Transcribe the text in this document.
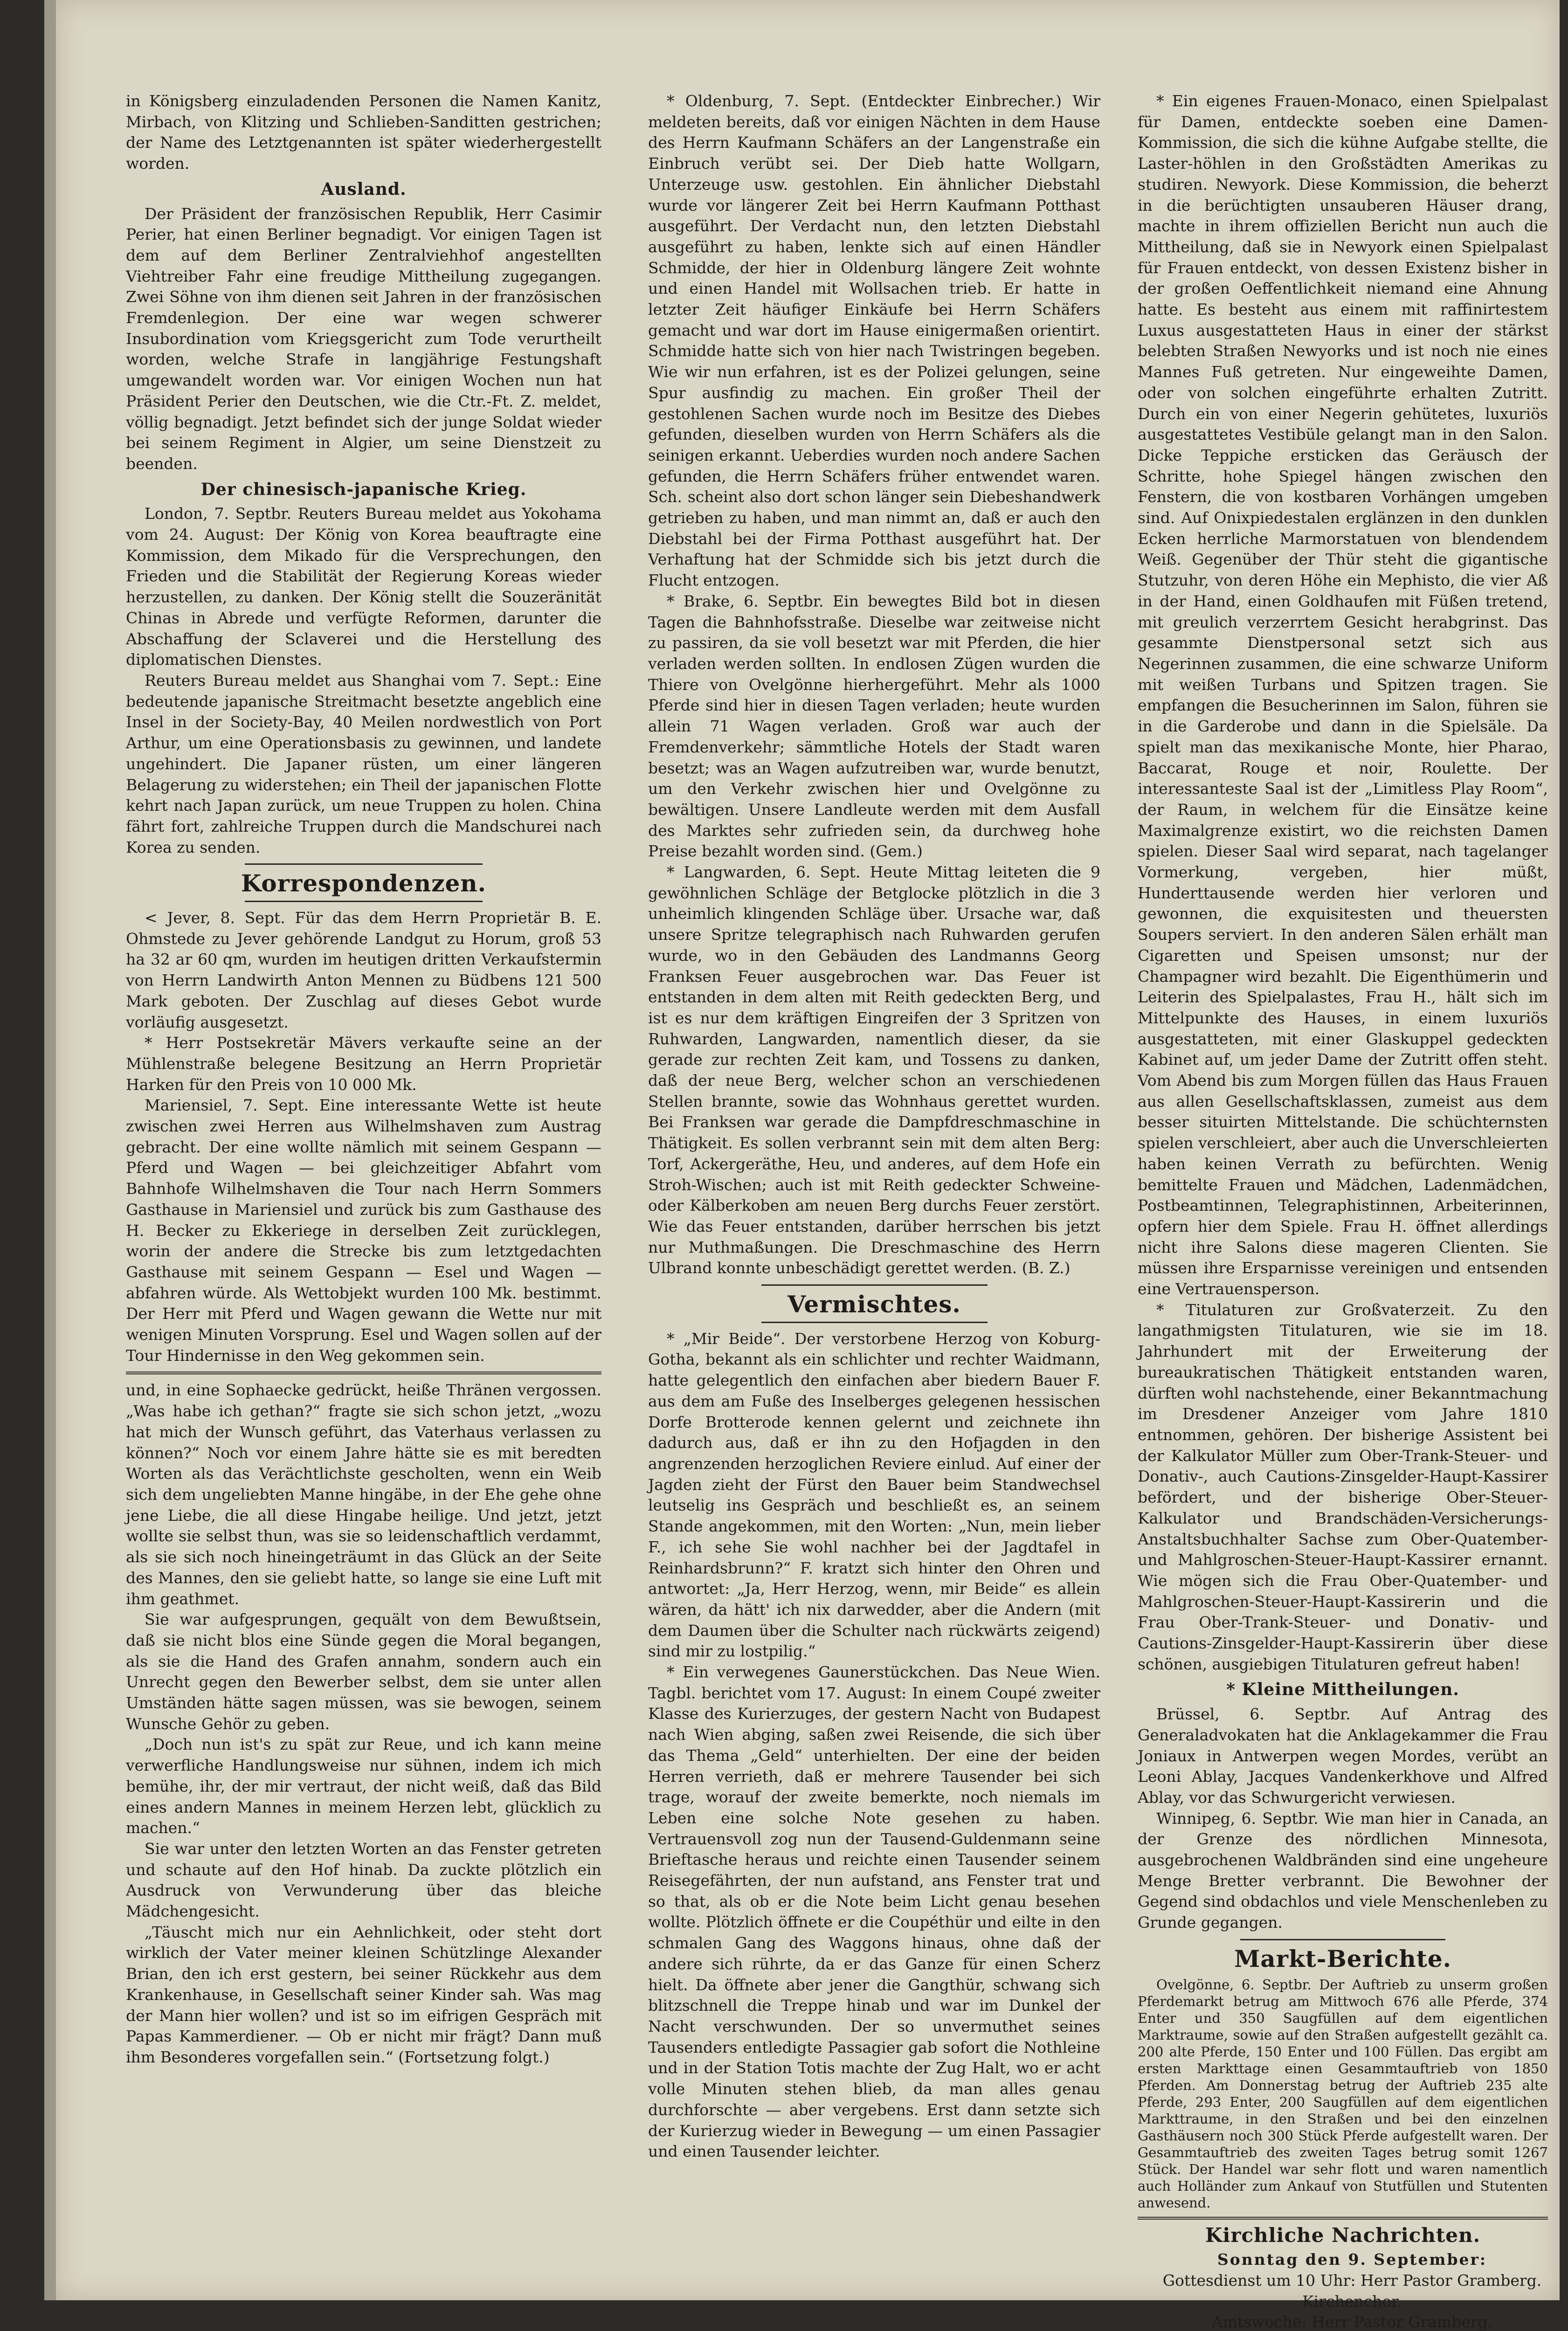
in Königsberg einzuladenden Personen die Namen Kanitz, Mirbach, von Klitzing und Schlieben-Sanditten gestrichen; der Name des Letztgenannten ist später wiederhergestellt worden.

Ausland.

Der Präsident der französischen Republik, Herr Casimir Perier, hat einen Berliner begnadigt. Vor einigen Tagen ist dem auf dem Berliner Zentralviehhof angestellten Viehtreiber Fahr eine freudige Mittheilung zugegangen. Zwei Söhne von ihm dienen seit Jahren in der französischen Fremdenlegion. Der eine war wegen schwerer Insubordination vom Kriegsgericht zum Tode verurtheilt worden, welche Strafe in langjährige Festungshaft umgewandelt worden war. Vor einigen Wochen nun hat Präsident Perier den Deutschen, wie die Ctr.-Ft. Z. meldet, völlig begnadigt. Jetzt befindet sich der junge Soldat wieder bei seinem Regiment in Algier, um seine Dienstzeit zu beenden.

Der chinesisch-japanische Krieg.

London, 7. Septbr. Reuters Bureau meldet aus Yokohama vom 24. August: Der König von Korea beauftragte eine Kommission, dem Mikado für die Versprechungen, den Frieden und die Stabilität der Regierung Koreas wieder herzustellen, zu danken. Der König stellt die Souzeränität Chinas in Abrede und verfügte Reformen, darunter die Abschaffung der Sclaverei und die Herstellung des diplomatischen Dienstes.

Reuters Bureau meldet aus Shanghai vom 7. Sept.: Eine bedeutende japanische Streitmacht besetzte angeblich eine Insel in der Society-Bay, 40 Meilen nordwestlich von Port Arthur, um eine Operationsbasis zu gewinnen, und landete ungehindert. Die Japaner rüsten, um einer längeren Belagerung zu widerstehen; ein Theil der japanischen Flotte kehrt nach Japan zurück, um neue Truppen zu holen. China fährt fort, zahlreiche Truppen durch die Mandschurei nach Korea zu senden.

Korrespondenzen.

< Jever, 8. Sept. Für das dem Herrn Proprietär B. E. Ohmstede zu Jever gehörende Landgut zu Horum, groß 53 ha 32 ar 60 qm, wurden im heutigen dritten Verkaufstermin von Herrn Landwirth Anton Mennen zu Büdbens 121 500 Mark geboten. Der Zuschlag auf dieses Gebot wurde vorläufig ausgesetzt.

* Herr Postsekretär Mävers verkaufte seine an der Mühlenstraße belegene Besitzung an Herrn Proprietär Harken für den Preis von 10 000 Mk.

Mariensiel, 7. Sept. Eine interessante Wette ist heute zwischen zwei Herren aus Wilhelmshaven zum Austrag gebracht. Der eine wollte nämlich mit seinem Gespann — Pferd und Wagen — bei gleichzeitiger Abfahrt vom Bahnhofe Wilhelmshaven die Tour nach Herrn Sommers Gasthause in Mariensiel und zurück bis zum Gasthause des H. Becker zu Ekkeriege in derselben Zeit zurücklegen, worin der andere die Strecke bis zum letztgedachten Gasthause mit seinem Gespann — Esel und Wagen — abfahren würde. Als Wettobjekt wurden 100 Mk. bestimmt. Der Herr mit Pferd und Wagen gewann die Wette nur mit wenigen Minuten Vorsprung. Esel und Wagen sollen auf der Tour Hindernisse in den Weg gekommen sein.

und, in eine Sophaecke gedrückt, heiße Thränen vergossen. „Was habe ich gethan?“ fragte sie sich schon jetzt, „wozu hat mich der Wunsch geführt, das Vaterhaus verlassen zu können?“ Noch vor einem Jahre hätte sie es mit beredten Worten als das Verächtlichste gescholten, wenn ein Weib sich dem ungeliebten Manne hingäbe, in der Ehe gehe ohne jene Liebe, die all diese Hingabe heilige. Und jetzt, jetzt wollte sie selbst thun, was sie so leidenschaftlich verdammt, als sie sich noch hineingeträumt in das Glück an der Seite des Mannes, den sie geliebt hatte, so lange sie eine Luft mit ihm geathmet.

Sie war aufgesprungen, gequält von dem Bewußtsein, daß sie nicht blos eine Sünde gegen die Moral begangen, als sie die Hand des Grafen annahm, sondern auch ein Unrecht gegen den Bewerber selbst, dem sie unter allen Umständen hätte sagen müssen, was sie bewogen, seinem Wunsche Gehör zu geben.

„Doch nun ist's zu spät zur Reue, und ich kann meine verwerfliche Handlungsweise nur sühnen, indem ich mich bemühe, ihr, der mir vertraut, der nicht weiß, daß das Bild eines andern Mannes in meinem Herzen lebt, glücklich zu machen.“

Sie war unter den letzten Worten an das Fenster getreten und schaute auf den Hof hinab. Da zuckte plötzlich ein Ausdruck von Verwunderung über das bleiche Mädchengesicht.

„Täuscht mich nur ein Aehnlichkeit, oder steht dort wirklich der Vater meiner kleinen Schützlinge Alexander Brian, den ich erst gestern, bei seiner Rückkehr aus dem Krankenhause, in Gesellschaft seiner Kinder sah. Was mag der Mann hier wollen? und ist so im eifrigen Gespräch mit Papas Kammerdiener. — Ob er nicht mir frägt? Dann muß ihm Besonderes vorgefallen sein.“ (Fortsetzung folgt.)

* Oldenburg, 7. Sept. (Entdeckter Einbrecher.) Wir meldeten bereits, daß vor einigen Nächten in dem Hause des Herrn Kaufmann Schäfers an der Langenstraße ein Einbruch verübt sei. Der Dieb hatte Wollgarn, Unterzeuge usw. gestohlen. Ein ähnlicher Diebstahl wurde vor längerer Zeit bei Herrn Kaufmann Potthast ausgeführt. Der Verdacht nun, den letzten Diebstahl ausgeführt zu haben, lenkte sich auf einen Händler Schmidde, der hier in Oldenburg längere Zeit wohnte und einen Handel mit Wollsachen trieb. Er hatte in letzter Zeit häufiger Einkäufe bei Herrn Schäfers gemacht und war dort im Hause einigermaßen orientirt. Schmidde hatte sich von hier nach Twistringen begeben. Wie wir nun erfahren, ist es der Polizei gelungen, seine Spur ausfindig zu machen. Ein großer Theil der gestohlenen Sachen wurde noch im Besitze des Diebes gefunden, dieselben wurden von Herrn Schäfers als die seinigen erkannt. Ueberdies wurden noch andere Sachen gefunden, die Herrn Schäfers früher entwendet waren. Sch. scheint also dort schon länger sein Diebeshandwerk getrieben zu haben, und man nimmt an, daß er auch den Diebstahl bei der Firma Potthast ausgeführt hat. Der Verhaftung hat der Schmidde sich bis jetzt durch die Flucht entzogen.

* Brake, 6. Septbr. Ein bewegtes Bild bot in diesen Tagen die Bahnhofsstraße. Dieselbe war zeitweise nicht zu passiren, da sie voll besetzt war mit Pferden, die hier verladen werden sollten. In endlosen Zügen wurden die Thiere von Ovelgönne hierhergeführt. Mehr als 1000 Pferde sind hier in diesen Tagen verladen; heute wurden allein 71 Wagen verladen. Groß war auch der Fremdenverkehr; sämmtliche Hotels der Stadt waren besetzt; was an Wagen aufzutreiben war, wurde benutzt, um den Verkehr zwischen hier und Ovelgönne zu bewältigen. Unsere Landleute werden mit dem Ausfall des Marktes sehr zufrieden sein, da durchweg hohe Preise bezahlt worden sind. (Gem.)

* Langwarden, 6. Sept. Heute Mittag leiteten die 9 gewöhnlichen Schläge der Betglocke plötzlich in die 3 unheimlich klingenden Schläge über. Ursache war, daß unsere Spritze telegraphisch nach Ruhwarden gerufen wurde, wo in den Gebäuden des Landmanns Georg Franksen Feuer ausgebrochen war. Das Feuer ist entstanden in dem alten mit Reith gedeckten Berg, und ist es nur dem kräftigen Eingreifen der 3 Spritzen von Ruhwarden, Langwarden, namentlich dieser, da sie gerade zur rechten Zeit kam, und Tossens zu danken, daß der neue Berg, welcher schon an verschiedenen Stellen brannte, sowie das Wohnhaus gerettet wurden. Bei Franksen war gerade die Dampfdreschmaschine in Thätigkeit. Es sollen verbrannt sein mit dem alten Berg: Torf, Ackergeräthe, Heu, und anderes, auf dem Hofe ein Stroh-Wischen; auch ist mit Reith gedeckter Schweine- oder Kälberkoben am neuen Berg durchs Feuer zerstört. Wie das Feuer entstanden, darüber herrschen bis jetzt nur Muthmaßungen. Die Dreschmaschine des Herrn Ulbrand konnte unbeschädigt gerettet werden. (B. Z.)

Vermischtes.

* „Mir Beide“. Der verstorbene Herzog von Koburg-Gotha, bekannt als ein schlichter und rechter Waidmann, hatte gelegentlich den einfachen aber biedern Bauer F. aus dem am Fuße des Inselberges gelegenen hessischen Dorfe Brotterode kennen gelernt und zeichnete ihn dadurch aus, daß er ihn zu den Hofjagden in den angrenzenden herzoglichen Reviere einlud. Auf einer der Jagden zieht der Fürst den Bauer beim Standwechsel leutselig ins Gespräch und beschließt es, an seinem Stande angekommen, mit den Worten: „Nun, mein lieber F., ich sehe Sie wohl nachher bei der Jagdtafel in Reinhardsbrunn?“ F. kratzt sich hinter den Ohren und antwortet: „Ja, Herr Herzog, wenn, mir Beide“ es allein wären, da hätt' ich nix darwedder, aber die Andern (mit dem Daumen über die Schulter nach rückwärts zeigend) sind mir zu lostpilig.“

* Ein verwegenes Gaunerstückchen. Das Neue Wien. Tagbl. berichtet vom 17. August: In einem Coupé zweiter Klasse des Kurierzuges, der gestern Nacht von Budapest nach Wien abging, saßen zwei Reisende, die sich über das Thema „Geld“ unterhielten. Der eine der beiden Herren verrieth, daß er mehrere Tausender bei sich trage, worauf der zweite bemerkte, noch niemals im Leben eine solche Note gesehen zu haben. Vertrauensvoll zog nun der Tausend-Guldenmann seine Brieftasche heraus und reichte einen Tausender seinem Reisegefährten, der nun aufstand, ans Fenster trat und so that, als ob er die Note beim Licht genau besehen wollte. Plötzlich öffnete er die Coupéthür und eilte in den schmalen Gang des Waggons hinaus, ohne daß der andere sich rührte, da er das Ganze für einen Scherz hielt. Da öffnete aber jener die Gangthür, schwang sich blitzschnell die Treppe hinab und war im Dunkel der Nacht verschwunden. Der so unvermuthet seines Tausenders entledigte Passagier gab sofort die Nothleine und in der Station Totis machte der Zug Halt, wo er acht volle Minuten stehen blieb, da man alles genau durchforschte — aber vergebens. Erst dann setzte sich der Kurierzug wieder in Bewegung — um einen Passagier und einen Tausender leichter.

* Ein eigenes Frauen-Monaco, einen Spielpalast für Damen, entdeckte soeben eine Damen-Kommission, die sich die kühne Aufgabe stellte, die Laster-höhlen in den Großstädten Amerikas zu studiren. Newyork. Diese Kommission, die beherzt in die berüchtigten unsauberen Häuser drang, machte in ihrem offiziellen Bericht nun auch die Mittheilung, daß sie in Newyork einen Spielpalast für Frauen entdeckt, von dessen Existenz bisher in der großen Oeffentlichkeit niemand eine Ahnung hatte. Es besteht aus einem mit raffinirtestem Luxus ausgestatteten Haus in einer der stärkst belebten Straßen Newyorks und ist noch nie eines Mannes Fuß getreten. Nur eingeweihte Damen, oder von solchen eingeführte erhalten Zutritt. Durch ein von einer Negerin gehütetes, luxuriös ausgestattetes Vestibüle gelangt man in den Salon. Dicke Teppiche ersticken das Geräusch der Schritte, hohe Spiegel hängen zwischen den Fenstern, die von kostbaren Vorhängen umgeben sind. Auf Onixpiedestalen erglänzen in den dunklen Ecken herrliche Marmorstatuen von blendendem Weiß. Gegenüber der Thür steht die gigantische Stutzuhr, von deren Höhe ein Mephisto, die vier Aß in der Hand, einen Goldhaufen mit Füßen tretend, mit greulich verzerrtem Gesicht herabgrinst. Das gesammte Dienstpersonal setzt sich aus Negerinnen zusammen, die eine schwarze Uniform mit weißen Turbans und Spitzen tragen. Sie empfangen die Besucherinnen im Salon, führen sie in die Garderobe und dann in die Spielsäle. Da spielt man das mexikanische Monte, hier Pharao, Baccarat, Rouge et noir, Roulette. Der interessanteste Saal ist der „Limitless Play Room“, der Raum, in welchem für die Einsätze keine Maximalgrenze existirt, wo die reichsten Damen spielen. Dieser Saal wird separat, nach tagelanger Vormerkung, vergeben, hier müßt, Hunderttausende werden hier verloren und gewonnen, die exquisitesten und theuersten Soupers serviert. In den anderen Sälen erhält man Cigaretten und Speisen umsonst; nur der Champagner wird bezahlt. Die Eigenthümerin und Leiterin des Spielpalastes, Frau H., hält sich im Mittelpunkte des Hauses, in einem luxuriös ausgestatteten, mit einer Glaskuppel gedeckten Kabinet auf, um jeder Dame der Zutritt offen steht. Vom Abend bis zum Morgen füllen das Haus Frauen aus allen Gesellschaftsklassen, zumeist aus dem besser situirten Mittelstande. Die schüchternsten spielen verschleiert, aber auch die Unverschleierten haben keinen Verrath zu befürchten. Wenig bemittelte Frauen und Mädchen, Ladenmädchen, Postbeamtinnen, Telegraphistinnen, Arbeiterinnen, opfern hier dem Spiele. Frau H. öffnet allerdings nicht ihre Salons diese mageren Clienten. Sie müssen ihre Ersparnisse vereinigen und entsenden eine Vertrauensperson.

* Titulaturen zur Großvaterzeit. Zu den langathmigsten Titulaturen, wie sie im 18. Jahrhundert mit der Erweiterung der bureaukratischen Thätigkeit entstanden waren, dürften wohl nachstehende, einer Bekanntmachung im Dresdener Anzeiger vom Jahre 1810 entnommen, gehören. Der bisherige Assistent bei der Kalkulator Müller zum Ober-Trank-Steuer- und Donativ-, auch Cautions-Zinsgelder-Haupt-Kassirer befördert, und der bisherige Ober-Steuer-Kalkulator und Brandschäden-Versicherungs-Anstaltsbuchhalter Sachse zum Ober-Quatember- und Mahlgroschen-Steuer-Haupt-Kassirer ernannt. Wie mögen sich die Frau Ober-Quatember- und Mahlgroschen-Steuer-Haupt-Kassirerin und die Frau Ober-Trank-Steuer- und Donativ- und Cautions-Zinsgelder-Haupt-Kassirerin über diese schönen, ausgiebigen Titulaturen gefreut haben!

* Kleine Mittheilungen.

Brüssel, 6. Septbr. Auf Antrag des Generaladvokaten hat die Anklagekammer die Frau Joniaux in Antwerpen wegen Mordes, verübt an Leoni Ablay, Jacques Vandenkerkhove und Alfred Ablay, vor das Schwurgericht verwiesen.

Winnipeg, 6. Septbr. Wie man hier in Canada, an der Grenze des nördlichen Minnesota, ausgebrochenen Waldbränden sind eine ungeheure Menge Bretter verbrannt. Die Bewohner der Gegend sind obdachlos und viele Menschenleben zu Grunde gegangen.

Markt-Berichte.

Ovelgönne, 6. Septbr. Der Auftrieb zu unserm großen Pferdemarkt betrug am Mittwoch 676 alle Pferde, 374 Enter und 350 Saugfüllen auf dem eigentlichen Marktraume, sowie auf den Straßen aufgestellt gezählt ca. 200 alte Pferde, 150 Enter und 100 Füllen. Das ergibt am ersten Markttage einen Gesammtauftrieb von 1850 Pferden. Am Donnerstag betrug der Auftrieb 235 alte Pferde, 293 Enter, 200 Saugfüllen auf dem eigentlichen Markttraume, in den Straßen und bei den einzelnen Gasthäusern noch 300 Stück Pferde aufgestellt waren. Der Gesammtauftrieb des zweiten Tages betrug somit 1267 Stück. Der Handel war sehr flott und waren namentlich auch Holländer zum Ankauf von Stutfüllen und Stutenten anwesend.

Kirchliche Nachrichten.

Sonntag den 9. September:

Gottesdienst um 10 Uhr: Herr Pastor Gramberg.

Kirchenchor.

Amtswoche: Herr Pastor Gramberg.
